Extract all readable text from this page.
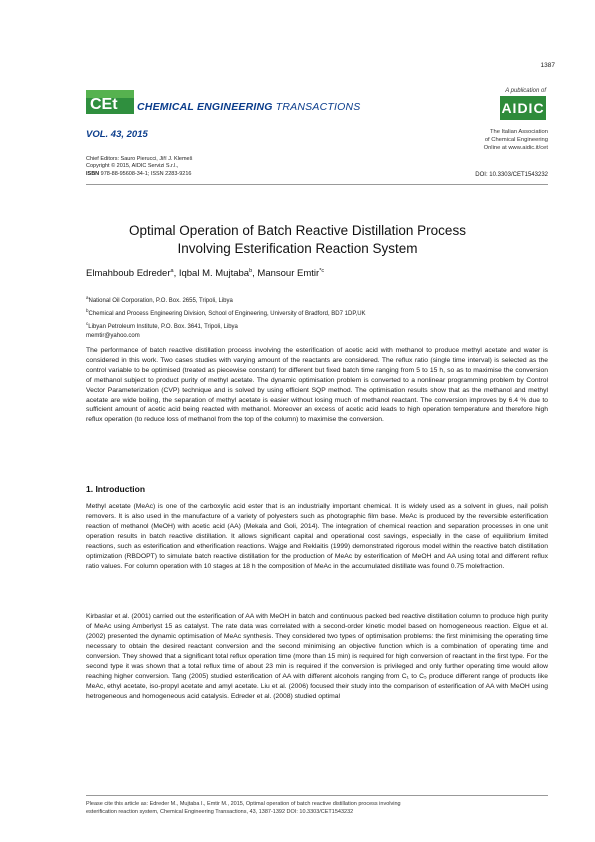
1387
CEt CHEMICAL ENGINEERING TRANSACTIONS
VOL. 43, 2015
A publication of
AIDIC
The Italian Association
of Chemical Engineering
Online at www.aidic.it/cet
Chief Editors: Sauro Pierucci, Jiří J. Klemeš
Copyright © 2015, AIDIC Servizi S.r.l.,
ISBN 978-88-95608-34-1; ISSN 2283-9216	DOI: 10.3303/CET1543232
Optimal Operation of Batch Reactive Distillation Process
Involving Esterification Reaction System
Elmahboub Edreder$^a$, Iqbal M. Mujtaba$^b$, Mansour Emtir$^{*c}$
$^a$National Oil Corporation, P.O. Box. 2655, Tripoli, Libya
$^b$Chemical and Process Engineering Division, School of Engineering, University of Bradford, BD7 1DP,UK
$^c$Libyan Petroleum Institute, P.O. Box. 3641, Tripoli, Libya
memtir@yahoo.com
The performance of batch reactive distillation process involving the esterification of acetic acid with methanol to produce methyl acetate and water is considered in this work. Two cases studies with varying amount of the reactants are considered. The reflux ratio (single time interval) is selected as the control variable to be optimised (treated as piecewise constant) for different but fixed batch time ranging from 5 to 15 h, so as to maximise the conversion of methanol subject to product purity of methyl acetate. The dynamic optimisation problem is converted to a nonlinear programming problem by Control Vector Parameterization (CVP) technique and is solved by using efficient SQP method. The optimisation results show that as the methanol and methyl acetate are wide boiling, the separation of methyl acetate is easier without losing much of methanol reactant. The conversion improves by 6.4 % due to sufficient amount of acetic acid being reacted with methanol. Moreover an excess of acetic acid leads to high operation temperature and therefore high reflux operation (to reduce loss of methanol from the top of the column) to maximise the conversion.
1. Introduction
Methyl acetate (MeAc) is one of the carboxylic acid ester that is an industrially important chemical. It is widely used as a solvent in glues, nail polish removers. It is also used in the manufacture of a variety of polyesters such as photographic film base. MeAc is produced by the reversible esterification reaction of methanol (MeOH) with acetic acid (AA) (Mekala and Goli, 2014). The integration of chemical reaction and separation processes in one unit operation results in batch reactive distillation. It allows significant capital and operational cost savings, especially in the case of equilibrium limited reactions, such as esterification and etherification reactions. Wajge and Reklaitis (1999) demonstrated rigorous model within the reactive batch distillation optimization (RBDOPT) to simulate batch reactive distillation for the production of MeAc by esterification of MeOH and AA using total and different reflux ratio values. For column operation with 10 stages at 18 h the composition of MeAc in the accumulated distillate was found 0.75 molefraction.
Kirbaslar et al. (2001) carried out the esterification of AA with MeOH in batch and continuous packed bed reactive distillation column to produce high purity of MeAc using Amberlyst 15 as catalyst. The rate data was correlated with a second-order kinetic model based on homogeneous reaction. Elgue et al. (2002) presented the dynamic optimisation of MeAc synthesis. They considered two types of optimisation problems: the first minimising the operating time necessary to obtain the desired reactant conversion and the second minimising an objective function which is a combination of operating time and conversion. They showed that a significant total reflux operation time (more than 15 min) is required for high conversion of reactant in the first type. For the second type it was shown that a total reflux time of about 23 min is required if the conversion is privileged and only further operating time would allow reaching higher conversion. Tang (2005) studied esterification of AA with different alcohols ranging from C₁ to C₅ produce different range of products like MeAc, ethyl acetate, iso-propyl acetate and amyl acetate. Liu et al. (2006) focused their study into the comparison of esterification of AA with MeOH using hetrogeneous and homogeneous acid catalysis. Edreder et al. (2008) studied optimal
Please cite this article as: Edreder M., Mujtaba I., Emtir M., 2015, Optimal operation of batch reactive distillation process involving
esterification reaction system, Chemical Engineering Transactions, 43, 1387-1392 DOI: 10.3303/CET1543232
